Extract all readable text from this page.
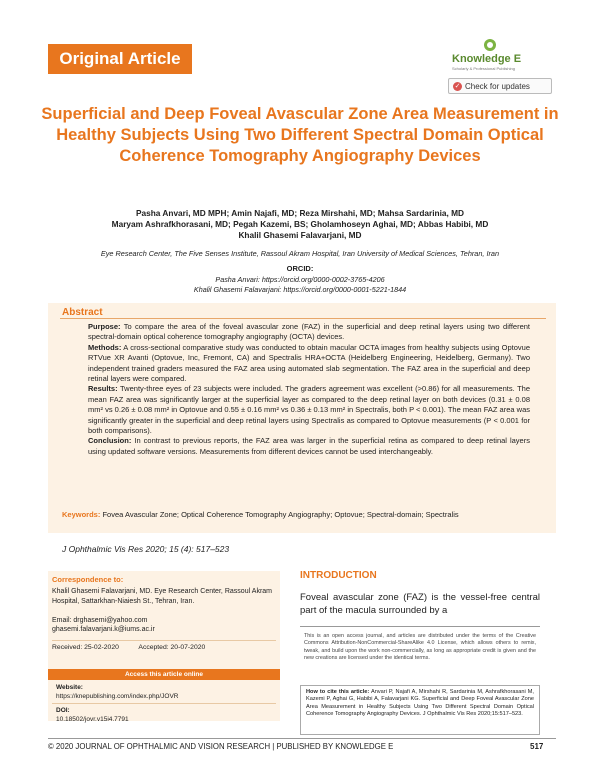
Original Article	Knowledge E
Scholarly & Professional Publishing
✓ Check for updates
Superficial and Deep Foveal Avascular Zone Area Measurement in Healthy Subjects Using Two Different Spectral Domain Optical Coherence Tomography Angiography Devices
Pasha Anvari, MD MPH; Amin Najafi, MD; Reza Mirshahi, MD; Mahsa Sardarinia, MD
Maryam Ashrafkhorasani, MD; Pegah Kazemi, BS; Gholamhoseyn Aghai, MD; Abbas Habibi, MD
Khalil Ghasemi Falavarjani, MD
Eye Research Center, The Five Senses Institute, Rassoul Akram Hospital, Iran University of Medical Sciences, Tehran, Iran
ORCID:
Pasha Anvari: https://orcid.org/0000-0002-3765-4206
Khalil Ghasemi Falavarjani: https://orcid.org/0000-0001-5221-1844
Abstract

Purpose: To compare the area of the foveal avascular zone (FAZ) in the superficial and deep retinal layers using two different spectral-domain optical coherence tomography angiography (OCTA) devices.

Methods: A cross-sectional comparative study was conducted to obtain macular OCTA images from healthy subjects using Optovue RTVue XR Avanti (Optovue, Inc, Fremont, CA) and Spectralis HRA+OCTA (Heidelberg Engineering, Heidelberg, Germany). Two independent trained graders measured the FAZ area using automated slab segmentation. The FAZ area in the superficial and deep retinal layers were compared.

Results: Twenty-three eyes of 23 subjects were included. The graders agreement was excellent (>0.86) for all measurements. The mean FAZ area was significantly larger at the superficial layer as compared to the deep retinal layer on both devices (0.31 ± 0.08 mm² vs 0.26 ± 0.08 mm² in Optovue and 0.55 ± 0.16 mm² vs 0.36 ± 0.13 mm² in Spectralis, both P < 0.001). The mean FAZ area was significantly greater in the superficial and deep retinal layers using Spectralis as compared to Optovue measurements (P < 0.001 for both comparisons).

Conclusion: In contrast to previous reports, the FAZ area was larger in the superficial retina as compared to deep retinal layers using updated software versions. Measurements from different devices cannot be used interchangeably.

Keywords: Fovea Avascular Zone; Optical Coherence Tomography Angiography; Optovue; Spectral-domain; Spectralis
J Ophthalmic Vis Res 2020; 15 (4): 517–523
Correspondence to:
Khalil Ghasemi Falavarjani, MD. Eye Research Center, Rassoul Akram Hospital, Sattarkhan-Niaiesh St., Tehran, Iran.
Email: drghasemi@yahoo.com
ghasemi.falavarjani.k@iums.ac.ir
Received: 25-02-2020	Accepted: 20-07-2020
Access this article online
Website:
https://knepublishing.com/index.php/JOVR
DOI:
10.18502/jovr.v15i4.7791
INTRODUCTION
Foveal avascular zone (FAZ) is the vessel-free central part of the macula surrounded by a
This is an open access journal, and articles are distributed under the terms of the Creative Commons Attribution-NonCommercial-ShareAlike 4.0 License, which allows others to remix, tweak, and build upon the work non-commercially, as long as appropriate credit is given and the new creations are licensed under the identical terms.
How to cite this article: Anvari P, Najafi A, Mirshahi R, Sardarinia M, Ashrafkhorasani M, Kazemi P, Aghai G, Habibi A, Falavarjani KG. Superficial and Deep Foveal Avascular Zone Area Measurement in Healthy Subjects Using Two Different Spectral Domain Optical Coherence Tomography Angiography Devices. J Ophthalmic Vis Res 2020;15:517–523.
© 2020 JOURNAL OF OPHTHALMIC AND VISION RESEARCH | PUBLISHED BY KNOWLEDGE E	517
